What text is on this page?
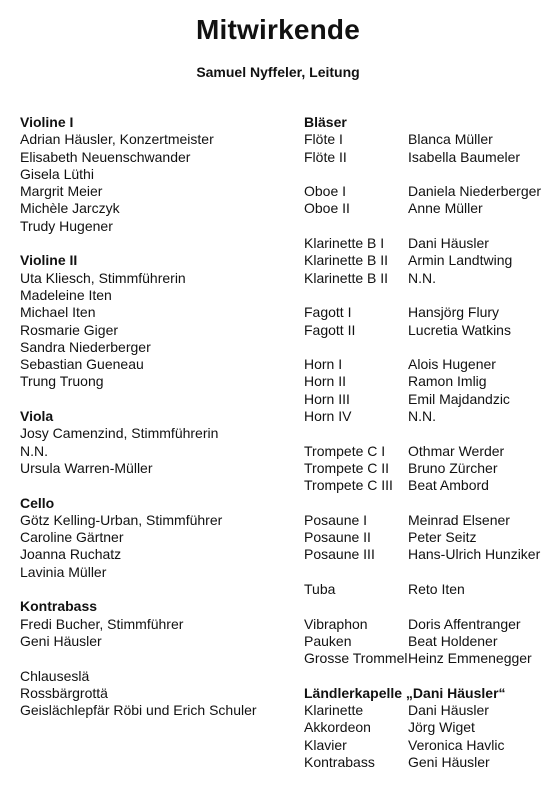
Mitwirkende
Samuel Nyffeler, Leitung
Violine I
Adrian Häusler, Konzertmeister
Elisabeth Neuenschwander
Gisela Lüthi
Margrit Meier
Michèle Jarczyk
Trudy Hugener
Violine II
Uta Kliesch, Stimmführerin
Madeleine Iten
Michael Iten
Rosmarie Giger
Sandra Niederberger
Sebastian Gueneau
Trung Truong
Viola
Josy Camenzind, Stimmführerin
N.N.
Ursula Warren-Müller
Cello
Götz Kelling-Urban, Stimmführer
Caroline Gärtner
Joanna Ruchatz
Lavinia Müller
Kontrabass
Fredi Bucher, Stimmführer
Geni Häusler
Chlauseslä
Rossbärgrottä
Geislächlepfär Röbi und Erich Schuler
Bläser
Flöte I	Blanca Müller
Flöte II	Isabella Baumeler
Oboe I	Daniela Niederberger
Oboe II	Anne Müller
Klarinette B I	Dani Häusler
Klarinette B II	Armin Landtwing
Klarinette B II	N.N.
Fagott I	Hansjörg Flury
Fagott II	Lucretia Watkins
Horn I	Alois Hugener
Horn II	Ramon Imlig
Horn III	Emil Majdandzic
Horn IV	N.N.
Trompete C I	Othmar Werder
Trompete C II	Bruno Zürcher
Trompete C III	Beat Ambord
Posaune I	Meinrad Elsener
Posaune II	Peter Seitz
Posaune III	Hans-Ulrich Hunziker
Tuba	Reto Iten
Vibraphon	Doris Affentranger
Pauken	Beat Holdener
Grosse Trommel Heinz Emmenegger
Ländlerkapelle „Dani Häusler“
Klarinette	Dani Häusler
Akkordeon	Jörg Wiget
Klavier	Veronica Havlic
Kontrabass	Geni Häusler
